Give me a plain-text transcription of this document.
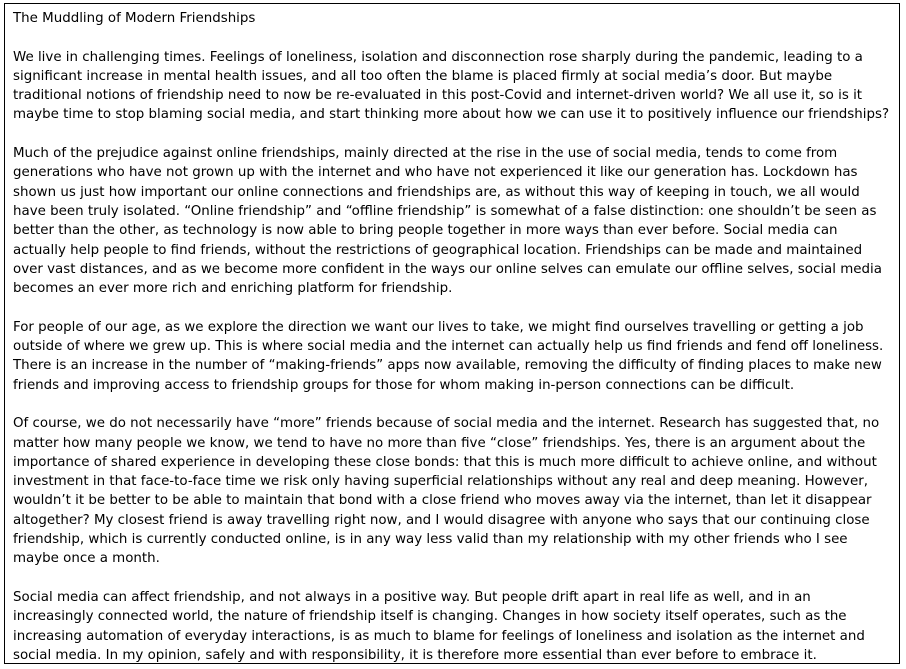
The Muddling of Modern Friendships

We live in challenging times. Feelings of loneliness, isolation and disconnection rose sharply during the pandemic, leading to a significant increase in mental health issues, and all too often the blame is placed firmly at social media’s door. But maybe traditional notions of friendship need to now be re-evaluated in this post-Covid and internet-driven world? We all use it, so is it maybe time to stop blaming social media, and start thinking more about how we can use it to positively influence our friendships?

Much of the prejudice against online friendships, mainly directed at the rise in the use of social media, tends to come from generations who have not grown up with the internet and who have not experienced it like our generation has. Lockdown has shown us just how important our online connections and friendships are, as without this way of keeping in touch, we all would have been truly isolated. “Online friendship” and “offline friendship” is somewhat of a false distinction: one shouldn’t be seen as better than the other, as technology is now able to bring people together in more ways than ever before. Social media can actually help people to find friends, without the restrictions of geographical location. Friendships can be made and maintained over vast distances, and as we become more confident in the ways our online selves can emulate our offline selves, social media becomes an ever more rich and enriching platform for friendship.

For people of our age, as we explore the direction we want our lives to take, we might find ourselves travelling or getting a job outside of where we grew up. This is where social media and the internet can actually help us find friends and fend off loneliness. There is an increase in the number of “making-friends” apps now available, removing the difficulty of finding places to make new friends and improving access to friendship groups for those for whom making in-person connections can be difficult.

Of course, we do not necessarily have “more” friends because of social media and the internet. Research has suggested that, no matter how many people we know, we tend to have no more than five “close” friendships. Yes, there is an argument about the importance of shared experience in developing these close bonds: that this is much more difficult to achieve online, and without investment in that face-to-face time we risk only having superficial relationships without any real and deep meaning. However, wouldn’t it be better to be able to maintain that bond with a close friend who moves away via the internet, than let it disappear altogether? My closest friend is away travelling right now, and I would disagree with anyone who says that our continuing close friendship, which is currently conducted online, is in any way less valid than my relationship with my other friends who I see maybe once a month.

Social media can affect friendship, and not always in a positive way. But people drift apart in real life as well, and in an increasingly connected world, the nature of friendship itself is changing. Changes in how society itself operates, such as the increasing automation of everyday interactions, is as much to blame for feelings of loneliness and isolation as the internet and social media. In my opinion, safely and with responsibility, it is therefore more essential than ever before to embrace it.
